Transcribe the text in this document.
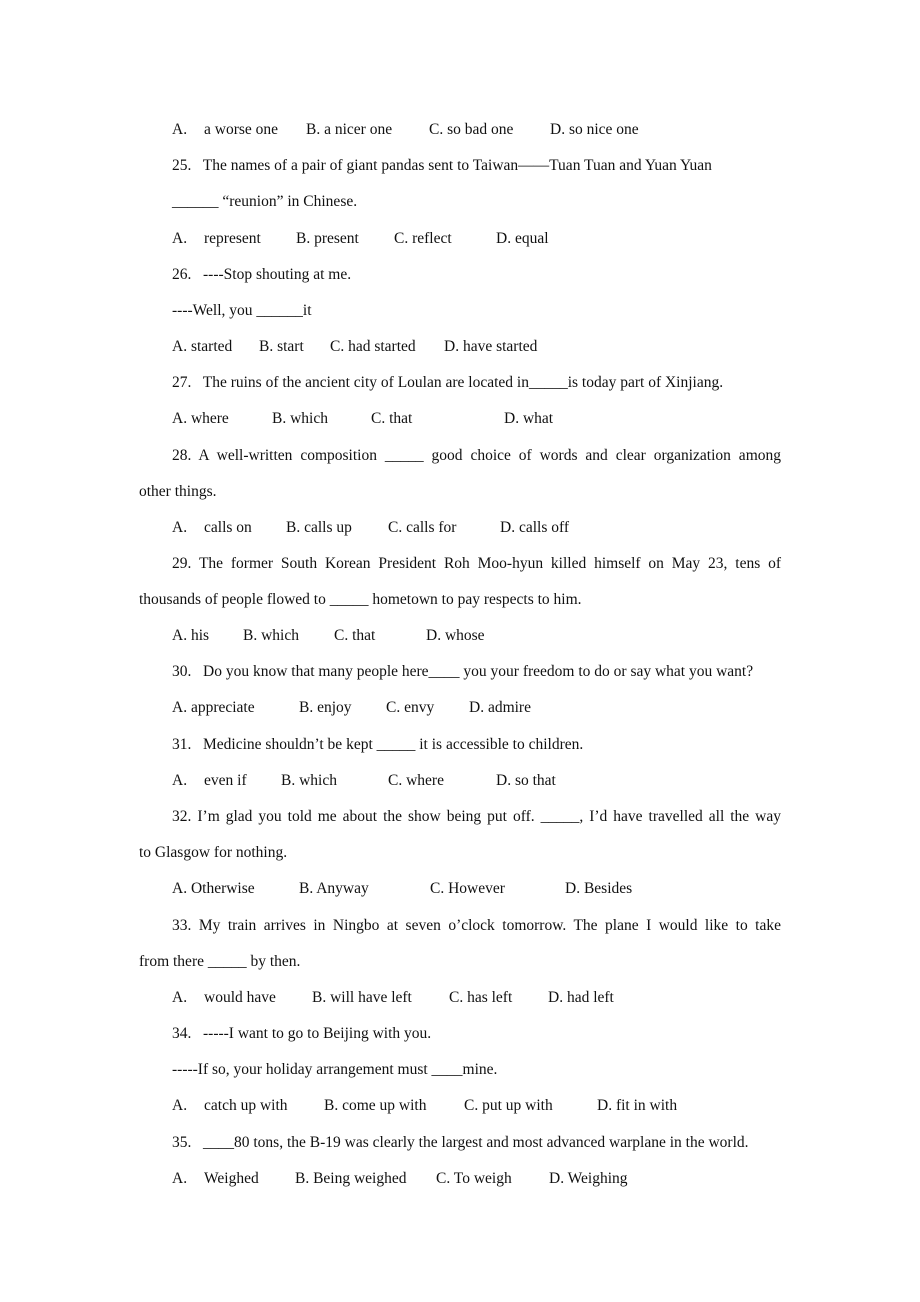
A. a worse one B. a nicer one C. so bad one D. so nice one
25.   The names of a pair of giant pandas sent to Taiwan——Tuan Tuan and Yuan Yuan
______ “reunion” in Chinese.
A. represent B. present C. reflect	D. equal
26.   ----Stop shouting at me.
----Well, you ______it
A. started B. start C. had started D. have started
27.   The ruins of the ancient city of Loulan are located in_____is today part of Xinjiang.
A. where	B. which	C. that	D. what
28. A well-written composition _____ good choice of words and clear organization among
other things.
A. calls on B. calls up C. calls for	D. calls off
29. The former South Korean President Roh Moo-hyun killed himself on May 23, tens of
thousands of people flowed to _____ hometown to pay respects to him.
A. his B. which C. that	D. whose
30.   Do you know that many people here____ you your freedom to do or say what you want?
A. appreciate	B. enjoy C. envy D. admire
31.   Medicine shouldn’t be kept _____ it is accessible to children.
A. even if B. which	C. where	D. so that
32. I’m glad you told me about the show being put off. _____, I’d have travelled all the way
to Glasgow for nothing.
A. Otherwise	B. Anyway	C. However	D. Besides
33. My train arrives in Ningbo at seven o’clock tomorrow. The plane I would like to take
from there _____ by then.
A. would have B. will have left C. has left D. had left
34.   -----I want to go to Beijing with you.
-----If so, your holiday arrangement must ____mine.
A. catch up with B. come up with C. put up with	D. fit in with
35.   ____80 tons, the B-19 was clearly the largest and most advanced warplane in the world.
A. Weighed B. Being weighed C. To weigh D. Weighing
